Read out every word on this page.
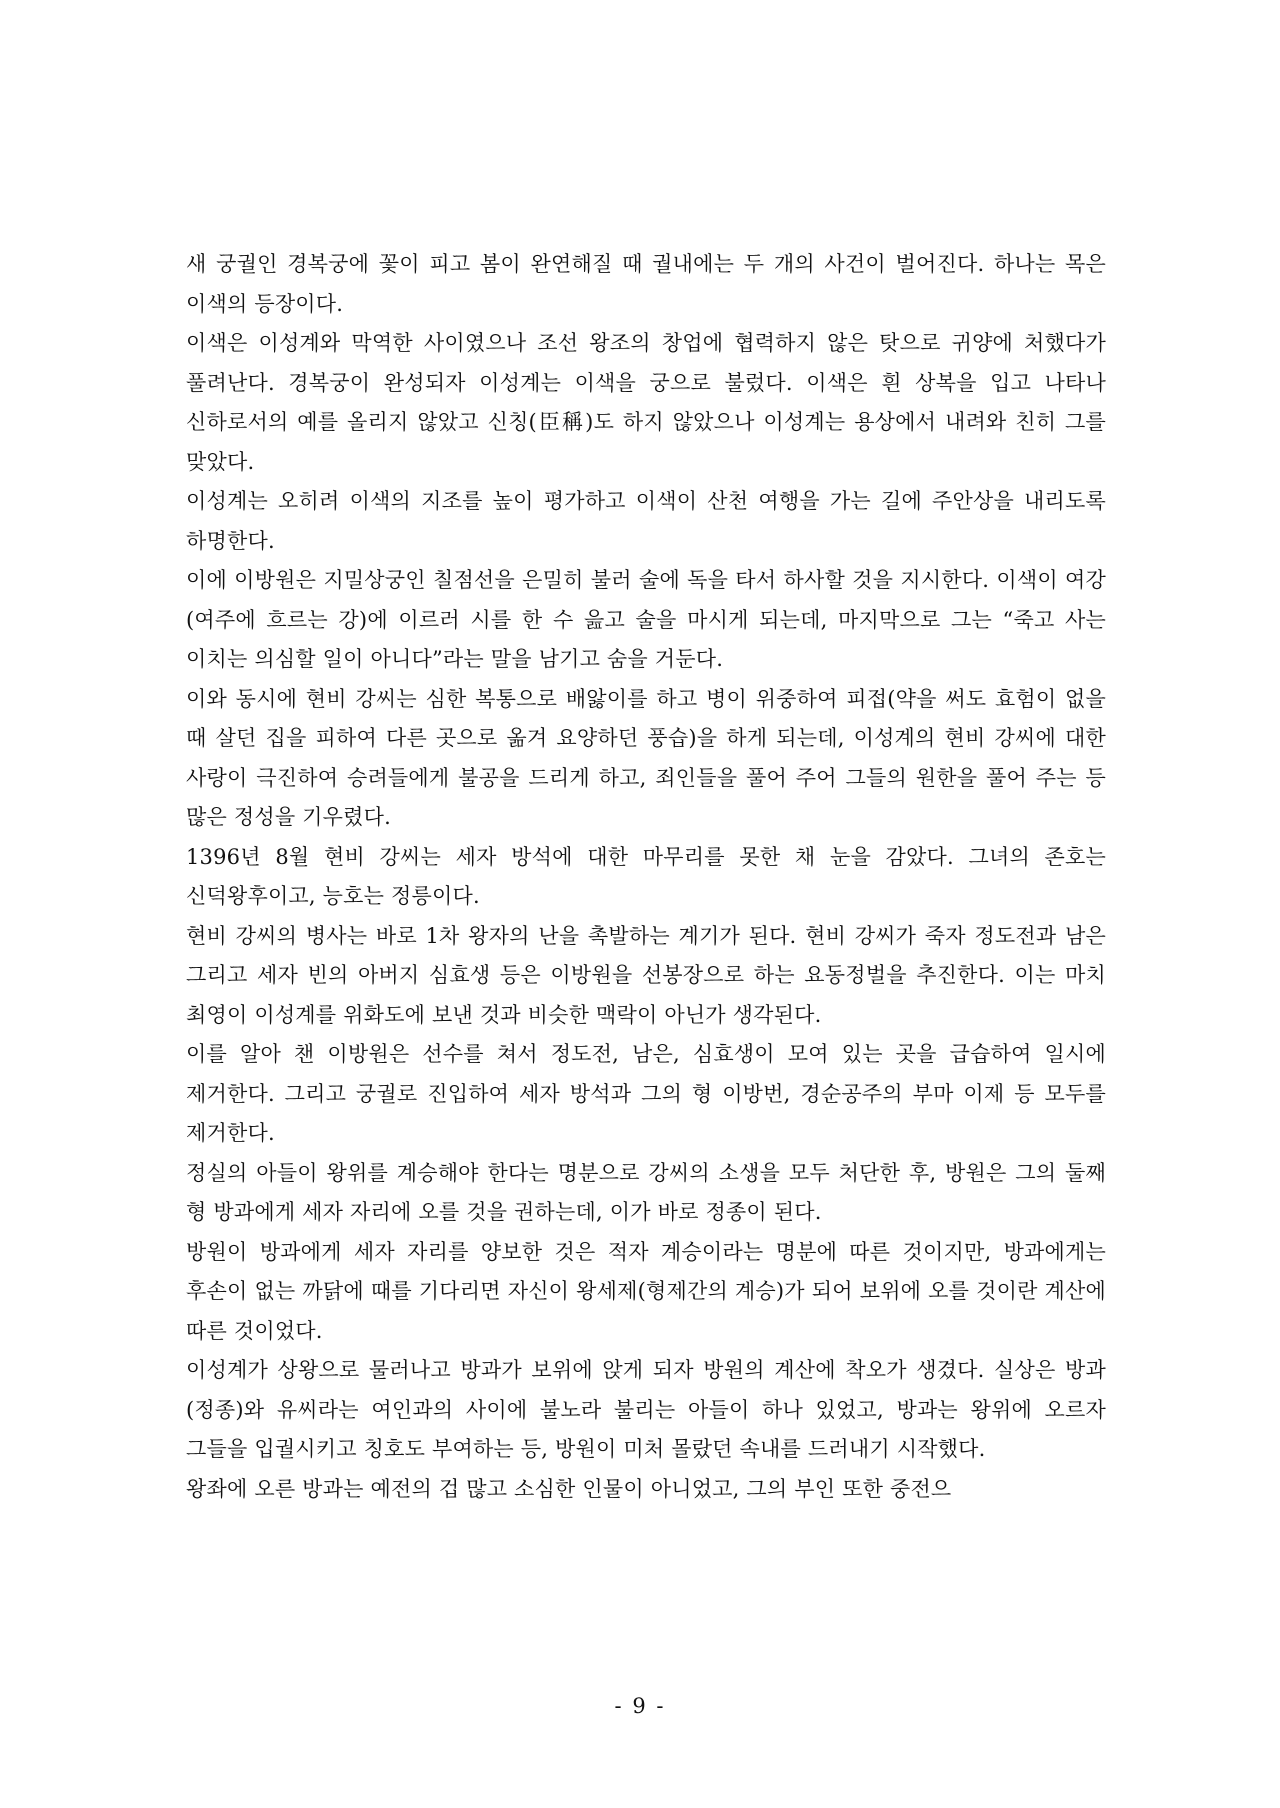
새 궁궐인 경복궁에 꽃이 피고 봄이 완연해질 때 궐내에는 두 개의 사건이 벌어진다. 하나는 목은 이색의 등장이다.

이색은 이성계와 막역한 사이였으나 조선 왕조의 창업에 협력하지 않은 탓으로 귀양에 처했다가 풀려난다. 경복궁이 완성되자 이성계는 이색을 궁으로 불렀다. 이색은 흰 상복을 입고 나타나 신하로서의 예를 올리지 않았고 신칭(臣稱)도 하지 않았으나 이성계는 용상에서 내려와 친히 그를 맞았다.

이성계는 오히려 이색의 지조를 높이 평가하고 이색이 산천 여행을 가는 길에 주안상을 내리도록 하명한다.

이에 이방원은 지밀상궁인 칠점선을 은밀히 불러 술에 독을 타서 하사할 것을 지시한다. 이색이 여강(여주에 흐르는 강)에 이르러 시를 한 수 읊고 술을 마시게 되는데, 마지막으로 그는 “죽고 사는 이치는 의심할 일이 아니다”라는 말을 남기고 숨을 거둔다.

이와 동시에 현비 강씨는 심한 복통으로 배앓이를 하고 병이 위중하여 피접(약을 써도 효험이 없을 때 살던 집을 피하여 다른 곳으로 옮겨 요양하던 풍습)을 하게 되는데, 이성계의 현비 강씨에 대한 사랑이 극진하여 승려들에게 불공을 드리게 하고, 죄인들을 풀어 주어 그들의 원한을 풀어 주는 등 많은 정성을 기우렸다.

1396년 8월 현비 강씨는 세자 방석에 대한 마무리를 못한 채 눈을 감았다. 그녀의 존호는 신덕왕후이고, 능호는 정릉이다.

현비 강씨의 병사는 바로 1차 왕자의 난을 촉발하는 계기가 된다. 현비 강씨가 죽자 정도전과 남은 그리고 세자 빈의 아버지 심효생 등은 이방원을 선봉장으로 하는 요동정벌을 추진한다. 이는 마치 최영이 이성계를 위화도에 보낸 것과 비슷한 맥락이 아닌가 생각된다.

이를 알아 챈 이방원은 선수를 쳐서 정도전, 남은, 심효생이 모여 있는 곳을 급습하여 일시에 제거한다. 그리고 궁궐로 진입하여 세자 방석과 그의 형 이방번, 경순공주의 부마 이제 등 모두를 제거한다.

정실의 아들이 왕위를 계승해야 한다는 명분으로 강씨의 소생을 모두 처단한 후, 방원은 그의 둘째 형 방과에게 세자 자리에 오를 것을 권하는데, 이가 바로 정종이 된다.

방원이 방과에게 세자 자리를 양보한 것은 적자 계승이라는 명분에 따른 것이지만, 방과에게는 후손이 없는 까닭에 때를 기다리면 자신이 왕세제(형제간의 계승)가 되어 보위에 오를 것이란 계산에 따른 것이었다.

이성계가 상왕으로 물러나고 방과가 보위에 앉게 되자 방원의 계산에 착오가 생겼다. 실상은 방과(정종)와 유씨라는 여인과의 사이에 불노라 불리는 아들이 하나 있었고, 방과는 왕위에 오르자 그들을 입궐시키고 칭호도 부여하는 등, 방원이 미처 몰랐던 속내를 드러내기 시작했다.

왕좌에 오른 방과는 예전의 겁 많고 소심한 인물이 아니었고, 그의 부인 또한 중전으

- 9 -
